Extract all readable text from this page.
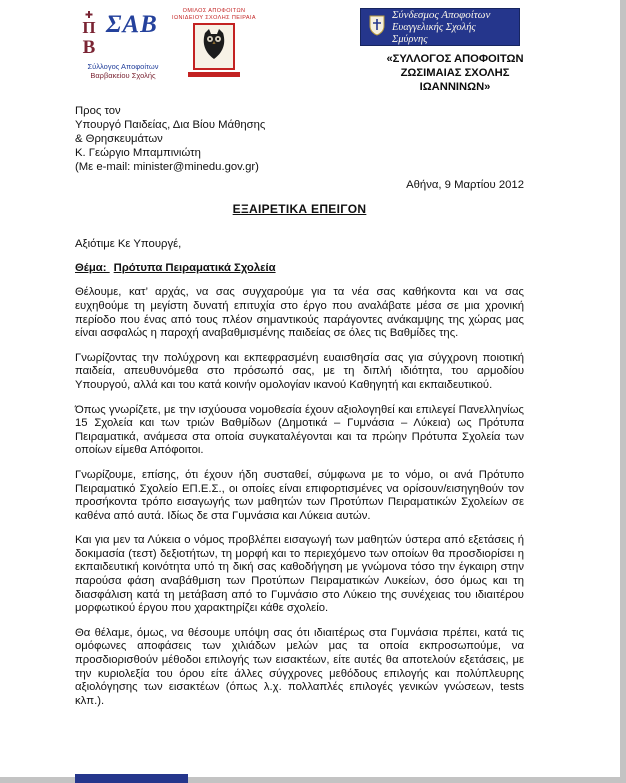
Π
B
ΣΑΒ
Σύλλογος Αποφοίτων
Βαρβακείου Σχολής
ΟΜΙΛΟΣ ΑΠΟΦΟΙΤΩΝ ΙΩΝΙΔΕΙΟΥ ΣΧΟΛΗΣ ΠΕΙΡΑΙΑ	Σύνδεσμος Αποφοίτων
Ευαγγελικής Σχολής Σμύρνης
«ΣΥΛΛΟΓΟΣ ΑΠΟΦΟΙΤΩΝ
ΖΩΣΙΜΑΙΑΣ ΣΧΟΛΗΣ
ΙΩΑΝΝΙΝΩΝ»
Προς τον
Υπουργό Παιδείας, Δια Βίου Μάθησης
& Θρησκευμάτων
Κ. Γεώργιο Μπαμπινιώτη
(Με e-mail: minister@minedu.gov.gr)
Αθήνα, 9 Μαρτίου 2012
ΕΞΑΙΡΕΤΙΚΑ ΕΠΕΙΓΟΝ
Αξιότιμε Κε Υπουργέ,
Θέμα: Πρότυπα Πειραματικά Σχολεία

Θέλουμε, κατ’ αρχάς, να σας συγχαρούμε για τα νέα σας καθήκοντα και να σας ευχηθούμε τη μεγίστη δυνατή επιτυχία στο έργο που αναλάβατε μέσα σε μια χρονική περίοδο που ένας από τους πλέον σημαντικούς παράγοντες ανάκαμψης της χώρας μας είναι ασφαλώς η παροχή αναβαθμισμένης παιδείας σε όλες τις Βαθμίδες της.

Γνωρίζοντας την πολύχρονη και εκπεφρασμένη ευαισθησία σας για σύγχρονη ποιοτική παιδεία, απευθυνόμεθα στο πρόσωπό σας, με τη διπλή ιδιότητα, του αρμοδίου Υπουργού, αλλά και του κατά κοινήν ομολογίαν ικανού Καθηγητή και εκπαιδευτικού.

Όπως γνωρίζετε, με την ισχύουσα νομοθεσία έχουν αξιολογηθεί και επιλεγεί Πανελληνίως 15 Σχολεία και των τριών Βαθμίδων (Δημοτικά – Γυμνάσια – Λύκεια) ως Πρότυπα Πειραματικά, ανάμεσα στα οποία συγκαταλέγονται και τα πρώην Πρότυπα Σχολεία των οποίων είμεθα Απόφοιτοι.

Γνωρίζουμε, επίσης, ότι έχουν ήδη συσταθεί, σύμφωνα με το νόμο, οι ανά Πρότυπο Πειραματικό Σχολείο ΕΠ.Ε.Σ., οι οποίες είναι επιφορτισμένες να ορίσουν/εισηγηθούν τον προσήκοντα τρόπο εισαγωγής των μαθητών των Προτύπων Πειραματικών Σχολείων σε καθένα από αυτά. Ιδίως δε στα Γυμνάσια και Λύκεια αυτών.

Και για μεν τα Λύκεια ο νόμος προβλέπει εισαγωγή των μαθητών ύστερα από εξετάσεις ή δοκιμασία (τεστ) δεξιοτήτων, τη μορφή και το περιεχόμενο των οποίων θα προσδιορίσει η εκπαιδευτική κοινότητα υπό τη δική σας καθοδήγηση με γνώμονα τόσο την έγκαιρη στην παρούσα φάση αναβάθμιση των Προτύπων Πειραματικών Λυκείων, όσο όμως και τη διασφάλιση κατά τη μετάβαση από το Γυμνάσιο στο Λύκειο της συνέχειας του ιδιαιτέρου μορφωτικού έργου που χαρακτηρίζει κάθε σχολείο.

Θα θέλαμε, όμως, να θέσουμε υπόψη σας ότι ιδιαιτέρως στα Γυμνάσια πρέπει, κατά τις ομόφωνες αποφάσεις των χιλιάδων μελών μας τα οποία εκπροσωπούμε, να προσδιορισθούν μέθοδοι επιλογής των εισακτέων, είτε αυτές θα αποτελούν εξετάσεις, με την κυριολεξία του όρου είτε άλλες σύγχρονες μεθόδους επιλογής και πολύπλευρης αξιολόγησης των εισακτέων (όπως λ.χ. πολλαπλές επιλογές γενικών γνώσεων, tests κλπ.).
